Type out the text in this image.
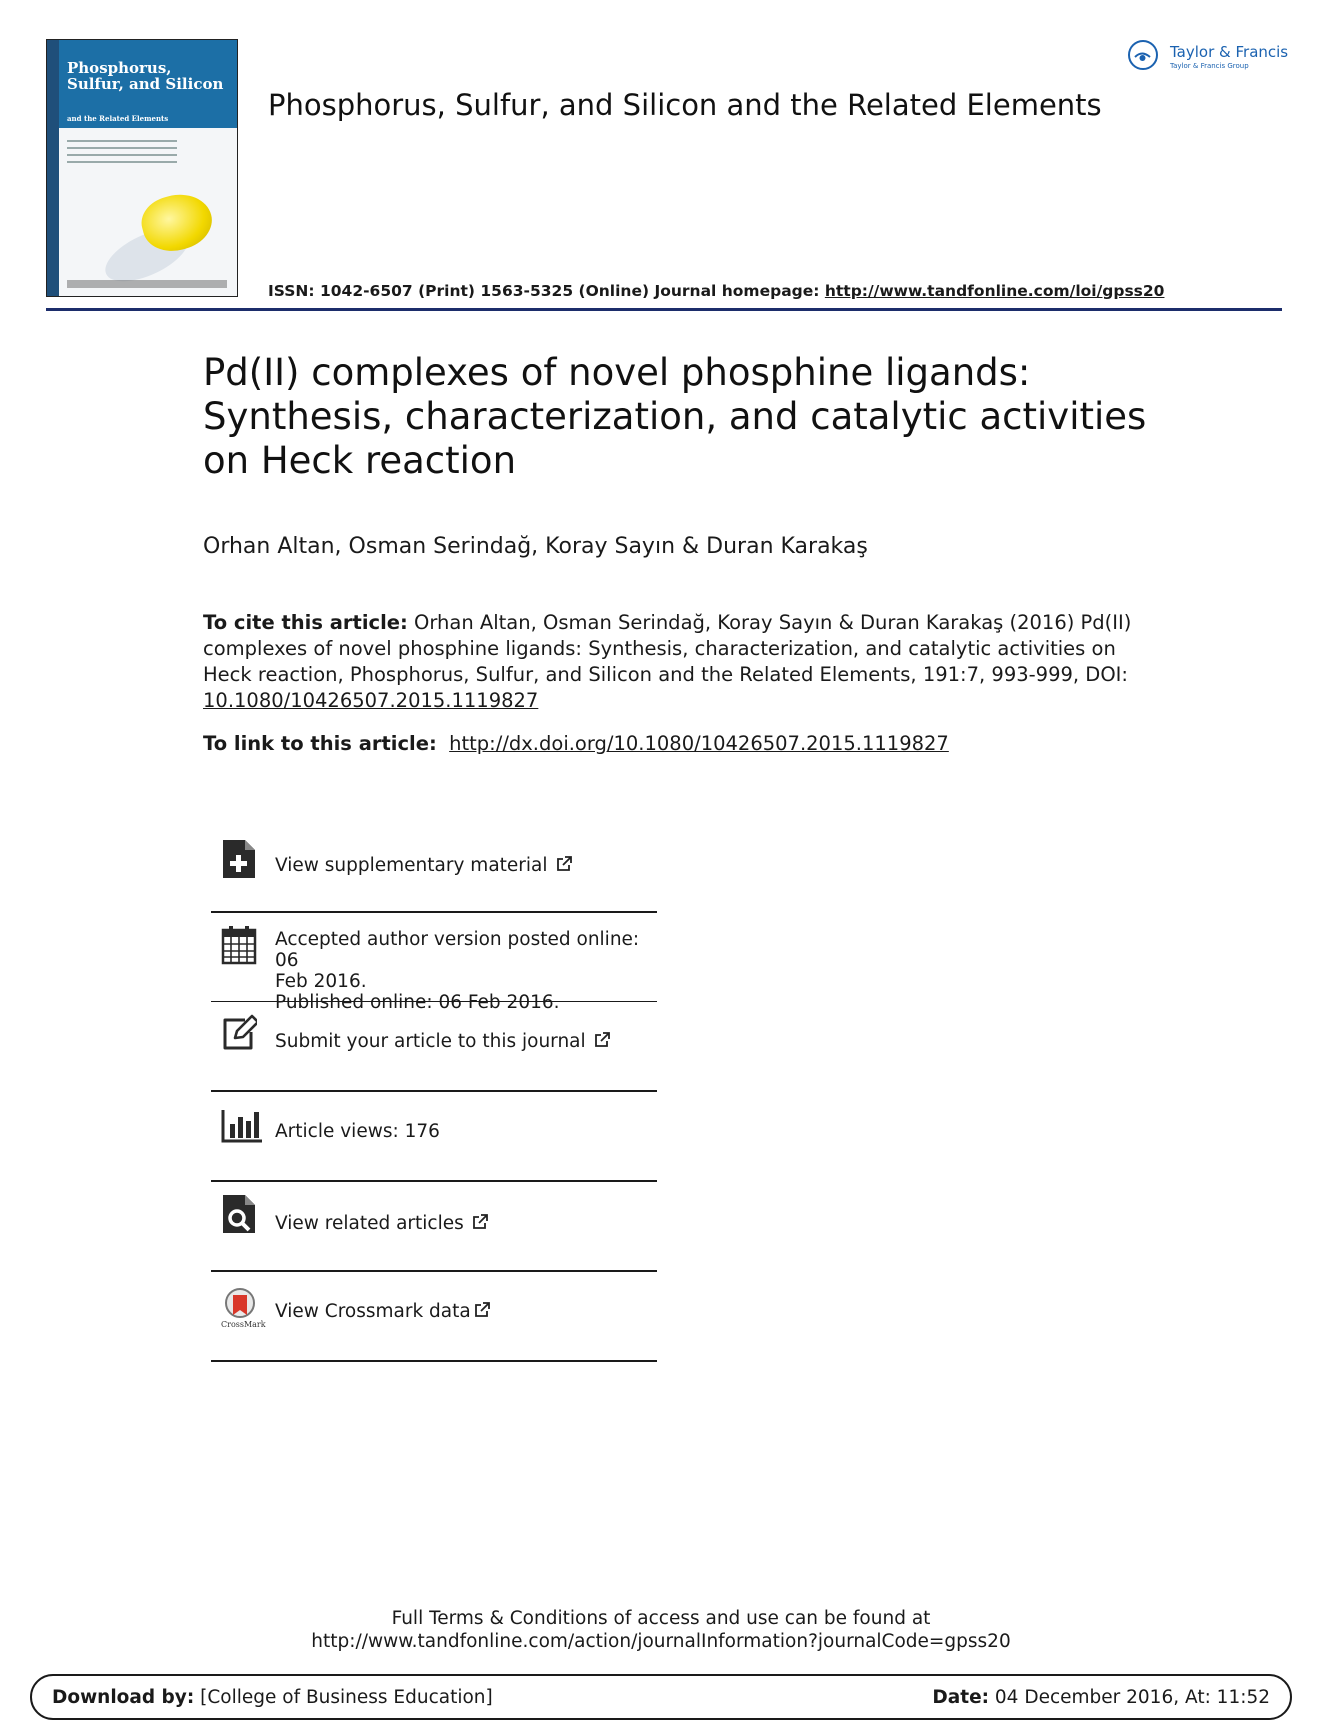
Phosphorus, Sulfur, and Silicon
and the Related Elements	Phosphorus, Sulfur, and Silicon and the Related Elements
Taylor & Francis
Taylor & Francis Group
ISSN: 1042-6507 (Print) 1563-5325 (Online) Journal homepage: http://www.tandfonline.com/loi/gpss20
Pd(II) complexes of novel phosphine ligands: Synthesis, characterization, and catalytic activities on Heck reaction
Orhan Altan, Osman Serindağ, Koray Sayın & Duran Karakaş
To cite this article: Orhan Altan, Osman Serindağ, Koray Sayın & Duran Karakaş (2016) Pd(II) complexes of novel phosphine ligands: Synthesis, characterization, and catalytic activities on Heck reaction, Phosphorus, Sulfur, and Silicon and the Related Elements, 191:7, 993-999, DOI: 10.1080/10426507.2015.1119827
To link to this article: http://dx.doi.org/10.1080/10426507.2015.1119827
View supplementary material
Accepted author version posted online: 06
Feb 2016.
Published online: 06 Feb 2016.
Submit your article to this journal
Article views: 176
View related articles
CrossMark
View Crossmark data
Full Terms & Conditions of access and use can be found at
http://www.tandfonline.com/action/journalInformation?journalCode=gpss20
Download by: [College of Business Education]	Date: 04 December 2016, At: 11:52
